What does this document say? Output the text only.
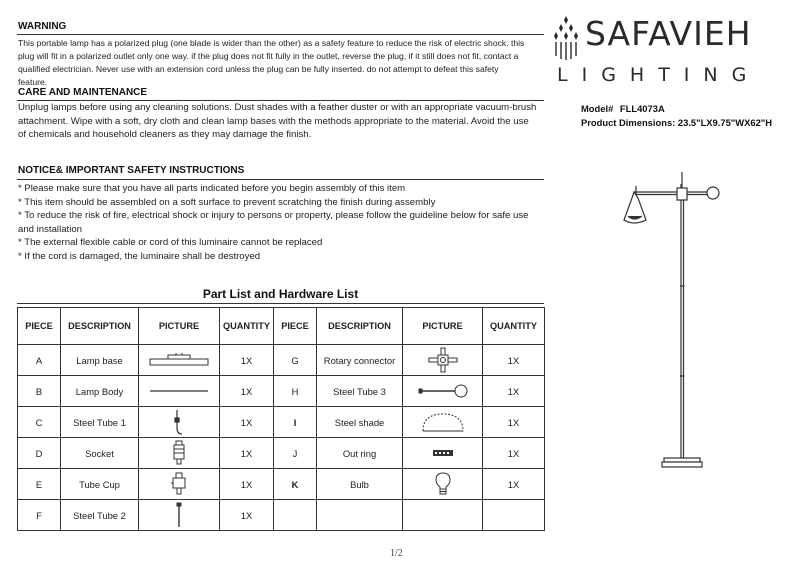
WARNING
This portable lamp has a polarized plug (one blade is wider than the other) as a safety feature to reduce the risk of electric shock. this
plug will fit in a polarized outlet only one way. if the plug does not fit fully in the outlet, reverse the plug, if it still does not fit, contact a
qualified electrician. Never use with an extension cord unless the plug can be fully inserted. do not attempt to defeat this safety
feature.
CARE AND MAINTENANCE
Unplug lamps before using any cleaning solutions. Dust shades with a feather duster or with an appropriate vacuum-brush
attachment. Wipe with a soft, dry cloth and clean lamp bases with the methods appropriate to the material. Avoid the use
of chemicals and household cleaners as they may damage the finish.
NOTICE& IMPORTANT SAFETY INSTRUCTIONS
* Please make sure that you have all parts indicated before you begin assembly of this item
* This item should be assembled on a soft surface to prevent scratching the finish during assembly
* To reduce the risk of fire, electrical shock or injury to persons or property, please follow the guideline below for safe use
and installation
* The external flexible cable or cord of this luminaire cannot be replaced
* If the cord is damaged, the luminaire shall be destroyed
SAFAVIEH
LIGHTING
Model# FLL4073A
Product Dimensions: 23.5"LX9.75"WX62"H
Part List and Hardware List
PIECE	DESCRIPTION	PICTURE	QUANTITY	PIECE	DESCRIPTION	PICTURE	QUANTITY
A	Lamp base		1X	G	Rotary connector		1X
B	Lamp Body		1X	H	Steel Tube 3		1X
C	Steel Tube 1		1X	I	Steel shade		1X
D	Socket		1X	J	Out ring		1X
E	Tube Cup		1X	K	Bulb		1X
F	Steel Tube 2		1X				
1/2
